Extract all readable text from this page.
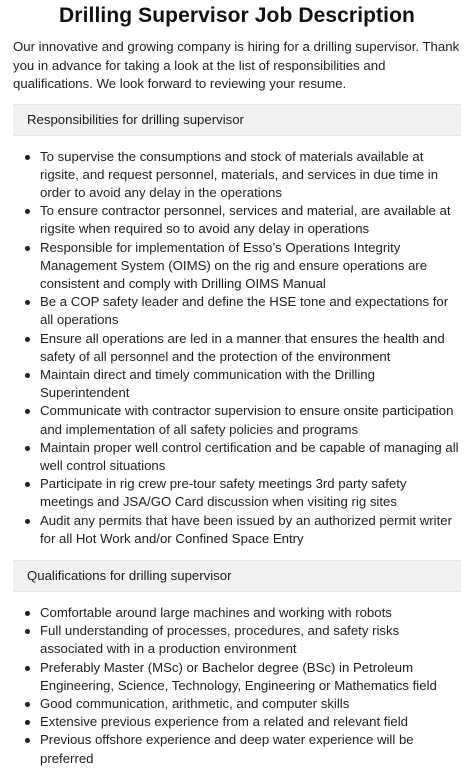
Drilling Supervisor Job Description

Our innovative and growing company is hiring for a drilling supervisor. Thank you in advance for taking a look at the list of responsibilities and qualifications. We look forward to reviewing your resume.

Responsibilities for drilling supervisor
To supervise the consumptions and stock of materials available at rigsite, and request personnel, materials, and services in due time in order to avoid any delay in the operations
To ensure contractor personnel, services and material, are available at rigsite when required so to avoid any delay in operations
Responsible for implementation of Esso’s Operations Integrity Management System (OIMS) on the rig and ensure operations are consistent and comply with Drilling OIMS Manual
Be a COP safety leader and define the HSE tone and expectations for all operations
Ensure all operations are led in a manner that ensures the health and safety of all personnel and the protection of the environment
Maintain direct and timely communication with the Drilling Superintendent
Communicate with contractor supervision to ensure onsite participation and implementation of all safety policies and programs
Maintain proper well control certification and be capable of managing all well control situations
Participate in rig crew pre-tour safety meetings 3rd party safety meetings and JSA/GO Card discussion when visiting rig sites
Audit any permits that have been issued by an authorized permit writer for all Hot Work and/or Confined Space Entry
Qualifications for drilling supervisor
Comfortable around large machines and working with robots
Full understanding of processes, procedures, and safety risks associated with in a production environment
Preferably Master (MSc) or Bachelor degree (BSc) in Petroleum Engineering, Science, Technology, Engineering or Mathematics field
Good communication, arithmetic, and computer skills
Extensive previous experience from a related and relevant field
Previous offshore experience and deep water experience will be preferred
